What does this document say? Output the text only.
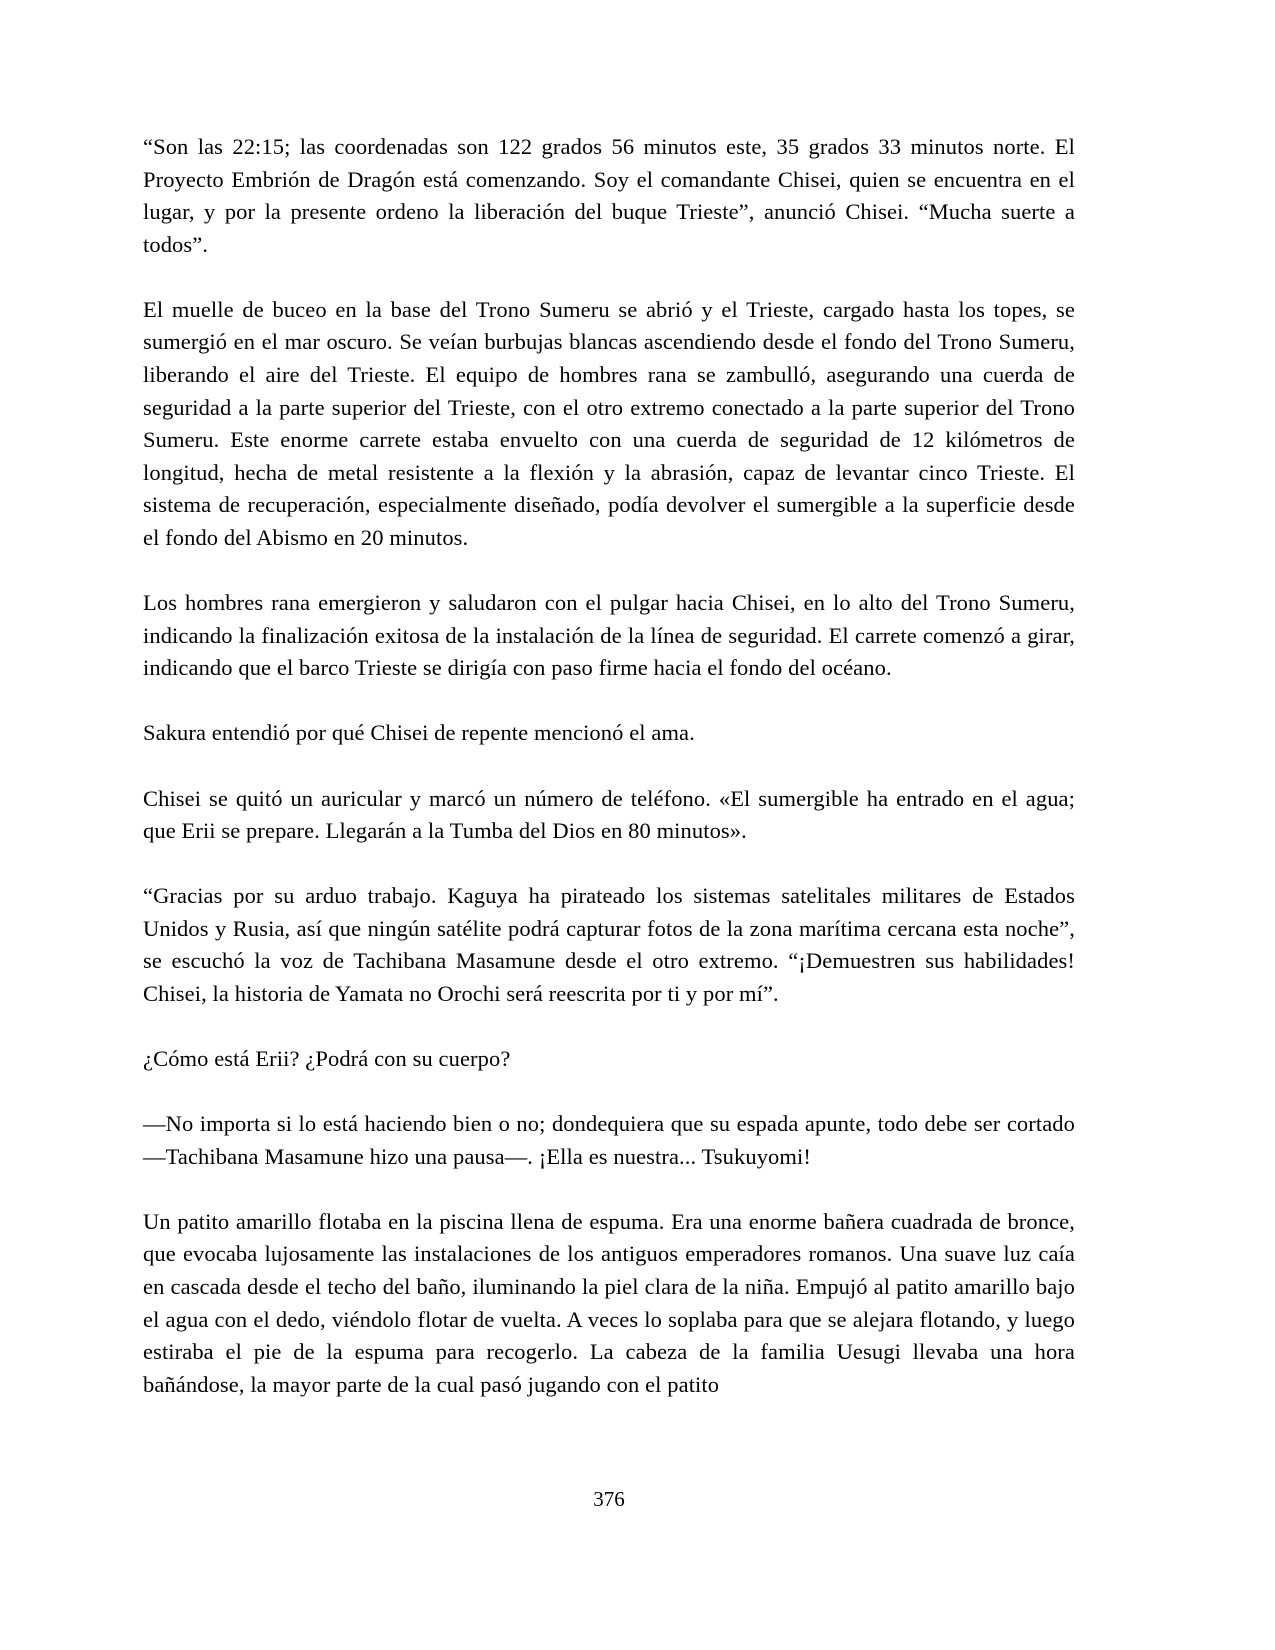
“Son las 22:15; las coordenadas son 122 grados 56 minutos este, 35 grados 33 minutos norte. El Proyecto Embrión de Dragón está comenzando. Soy el comandante Chisei, quien se encuentra en el lugar, y por la presente ordeno la liberación del buque Trieste”, anunció Chisei. “Mucha suerte a todos”.

El muelle de buceo en la base del Trono Sumeru se abrió y el Trieste, cargado hasta los topes, se sumergió en el mar oscuro. Se veían burbujas blancas ascendiendo desde el fondo del Trono Sumeru, liberando el aire del Trieste. El equipo de hombres rana se zambulló, asegurando una cuerda de seguridad a la parte superior del Trieste, con el otro extremo conectado a la parte superior del Trono Sumeru. Este enorme carrete estaba envuelto con una cuerda de seguridad de 12 kilómetros de longitud, hecha de metal resistente a la flexión y la abrasión, capaz de levantar cinco Trieste. El sistema de recuperación, especialmente diseñado, podía devolver el sumergible a la superficie desde el fondo del Abismo en 20 minutos.

Los hombres rana emergieron y saludaron con el pulgar hacia Chisei, en lo alto del Trono Sumeru, indicando la finalización exitosa de la instalación de la línea de seguridad. El carrete comenzó a girar, indicando que el barco Trieste se dirigía con paso firme hacia el fondo del océano.

Sakura entendió por qué Chisei de repente mencionó el ama.

Chisei se quitó un auricular y marcó un número de teléfono. «El sumergible ha entrado en el agua; que Erii se prepare. Llegarán a la Tumba del Dios en 80 minutos».

“Gracias por su arduo trabajo. Kaguya ha pirateado los sistemas satelitales militares de Estados Unidos y Rusia, así que ningún satélite podrá capturar fotos de la zona marítima cercana esta noche”, se escuchó la voz de Tachibana Masamune desde el otro extremo. “¡Demuestren sus habilidades! Chisei, la historia de Yamata no Orochi será reescrita por ti y por mí”.

¿Cómo está Erii? ¿Podrá con su cuerpo?

—No importa si lo está haciendo bien o no; dondequiera que su espada apunte, todo debe ser cortado —Tachibana Masamune hizo una pausa—. ¡Ella es nuestra... Tsukuyomi!

Un patito amarillo flotaba en la piscina llena de espuma. Era una enorme bañera cuadrada de bronce, que evocaba lujosamente las instalaciones de los antiguos emperadores romanos. Una suave luz caía en cascada desde el techo del baño, iluminando la piel clara de la niña. Empujó al patito amarillo bajo el agua con el dedo, viéndolo flotar de vuelta. A veces lo soplaba para que se alejara flotando, y luego estiraba el pie de la espuma para recogerlo. La cabeza de la familia Uesugi llevaba una hora bañándose, la mayor parte de la cual pasó jugando con el patito

376
